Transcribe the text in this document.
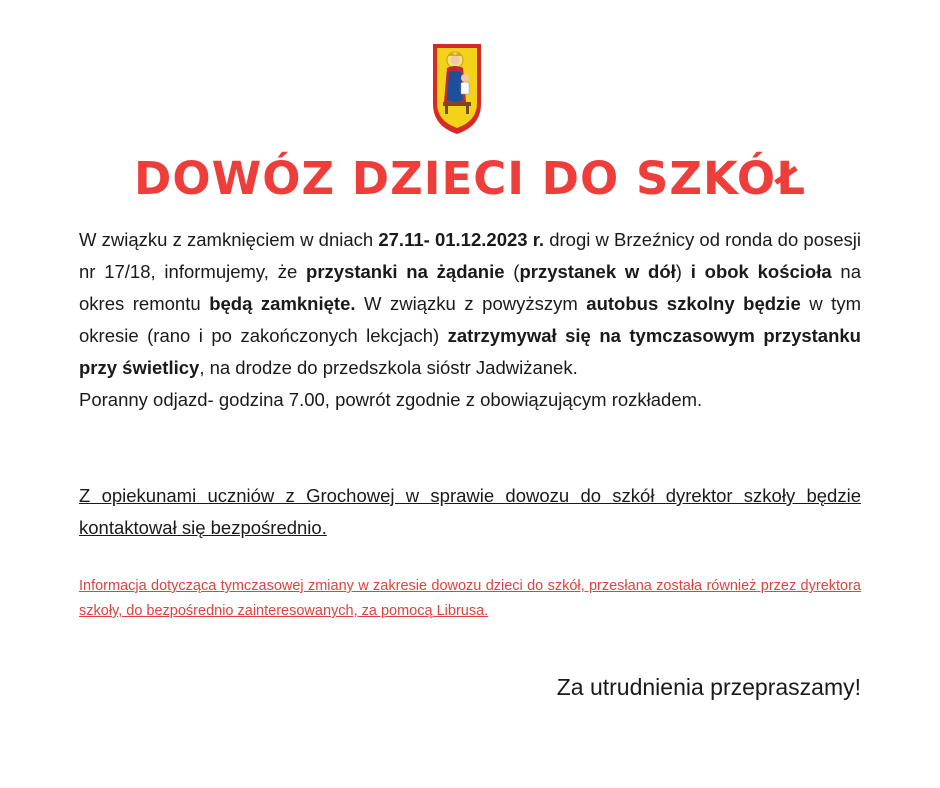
DOWÓZ DZIECI DO SZKÓŁ

W związku z zamknięciem w dniach 27.11- 01.12.2023 r. drogi w Brzeźnicy od ronda do posesji nr 17/18, informujemy, że przystanki na żądanie (przystanek w dół) i obok kościoła na okres remontu będą zamknięte. W związku z powyższym autobus szkolny będzie w tym okresie (rano i po zakończonych lekcjach) zatrzymywał się na tymczasowym przystanku przy świetlicy, na drodze do przedszkola sióstr Jadwiżanek.

Poranny odjazd- godzina 7.00, powrót zgodnie z obowiązującym rozkładem.

Z opiekunami uczniów z Grochowej w sprawie dowozu do szkół dyrektor szkoły będzie kontaktował się bezpośrednio.

Informacja dotycząca tymczasowej zmiany w zakresie dowozu dzieci do szkół, przesłana została również przez dyrektora szkoły, do bezpośrednio zainteresowanych, za pomocą Librusa.

Za utrudnienia przepraszamy!
